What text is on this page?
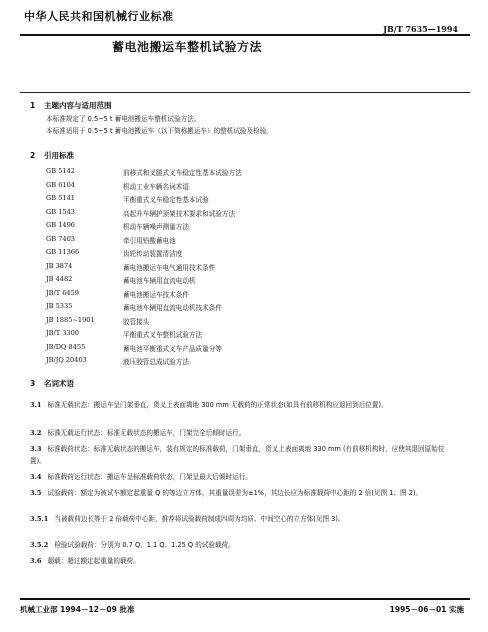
中华人民共和国机械行业标准
JB/T 7635—1994
蓄电池搬运车整机试验方法
1 主题内容与适用范围
本标准规定了 0.5~5 t 蓄电池搬运车整机试验方法。
本标准适用于 0.5~5 t 蓄电池搬运车（以下简称搬运车）的整机试验及检验。
2 引用标准
GB 5142	前移式和叉腿式叉车稳定性基本试验方法
GB 6104	机动工业车辆名词术语
GB 5141	平衡重式叉车稳定性基本试验
GB 1543	高起升车辆护顶架技术要求和试验方法
GB 1496	机动车辆噪声测量方法
GB 7403	牵引用铅酸蓄电池
GB 11366	齿轮传动装置清洁度
JB 3874	蓄电池搬运车电气通用技术条件
JB 4482	蓄电池车辆用直流电动机
JB/T 6459	蓄电池搬运车技术条件
JB 5335	蓄电池车辆用直流电动机技术条件
JB 1885~1901	胶管接头
JB/T 3300	平衡重式叉车整机试验方法
JB/DQ 8455	蓄电池平衡重式叉车产品质量分等
JB/JQ 20403	液压胶管总成试验方法
3 名词术语
3.1 标准无载状态：搬运车呈门架垂直，货叉上表面离地 300 mm 无载荷的正常状态(如具有前移机构应退回到后位置)。
3.2 标准无载运行状态：标准无载状态的搬运车，门架完全后倾时运行。
3.3 标准载荷状态：标准无载状态的搬运车，装有规定的标准载荷，门架垂直，货叉上表面离地 330 mm (有前移机构时，应使其退回原始位置)。
3.4 标准载荷运行状态：搬运车呈标准载荷状态，门架呈最大后倾时运行。
3.5 试验载荷：额定为被试车额定起重量 Q 的等边立方体，其重量误差为±1%，其边长应为标准载荷中心距的 2 倍(见图 1、图 2)。
3.5.1 当被载荷边长等于 2 倍载荷中心距，推荐将试验载荷制成四周为均质、中间空心的立方体(见图 3)。
3.5.2 检验试验载荷：分别为 0.7 Q、1.1 Q、1.25 Q 的试验载荷。
3.6 超载：超过额定起重量的载荷。
机械工业部 1994－12－09 批准	1995－06－01 实施
